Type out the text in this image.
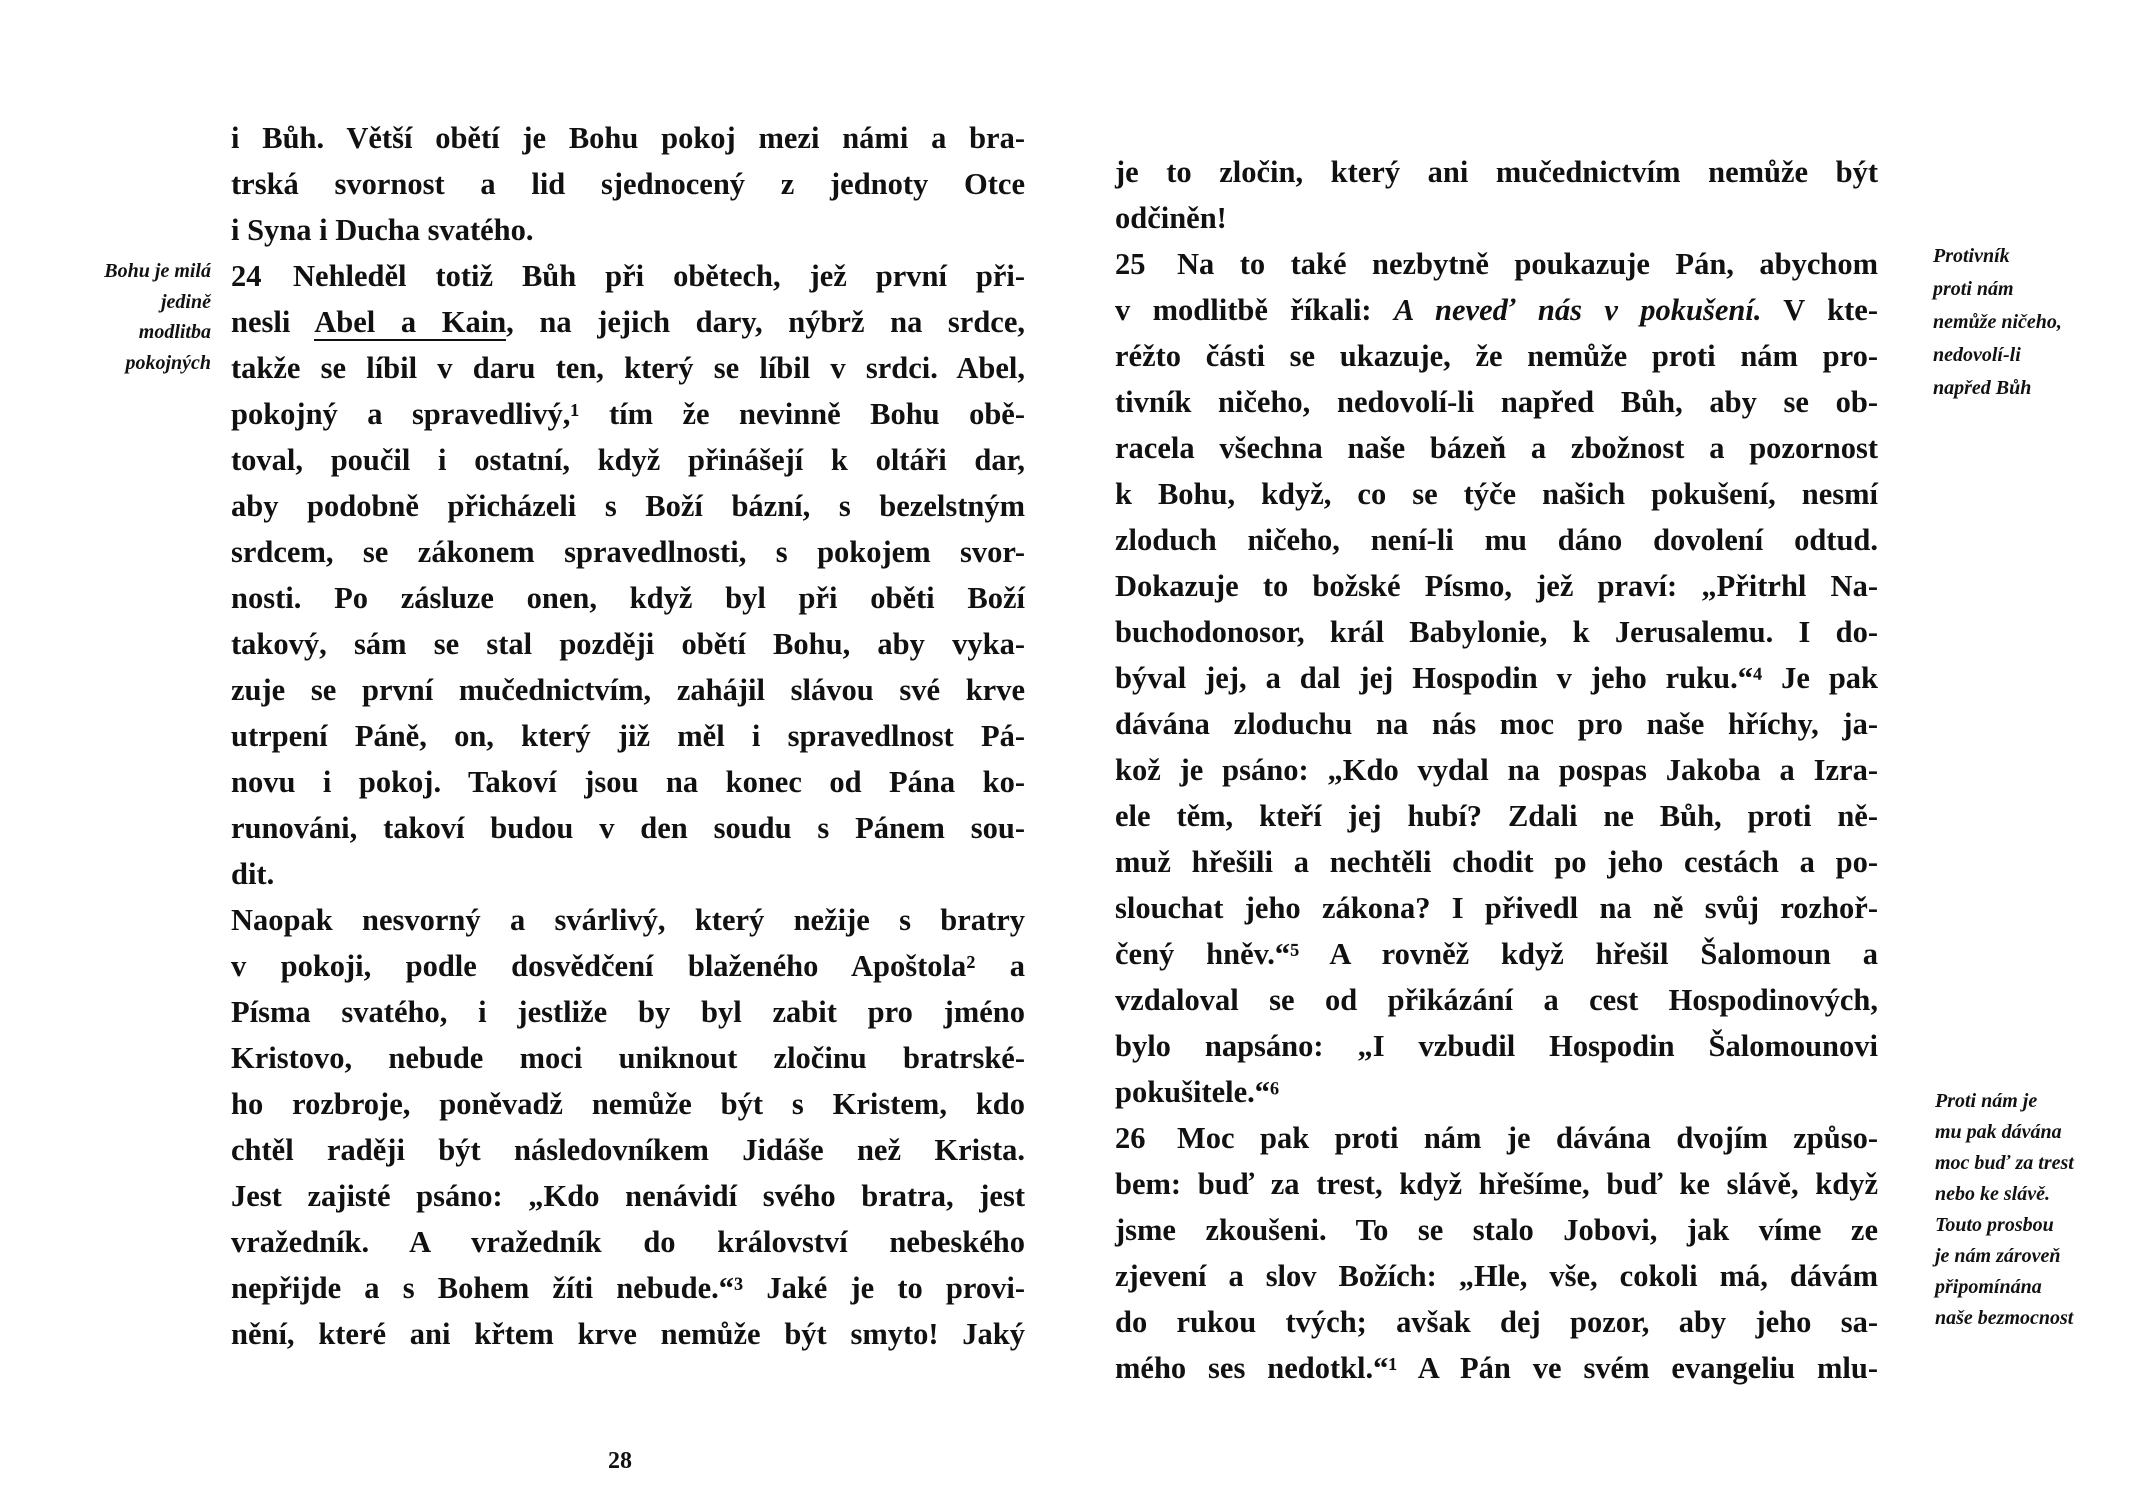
i Bůh. Větší obětí je Bohu pokoj mezi námi a bra-
trská svornost a lid sjednocený z jednoty Otce
i Syna i Ducha svatého.
24 Nehleděl totiž Bůh při obětech, jež první při-
nesli Abel a Kain, na jejich dary, nýbrž na srdce,
takže se líbil v daru ten, který se líbil v srdci. Abel,
pokojný a spravedlivý,¹ tím že nevinně Bohu obě-
toval, poučil i ostatní, když přinášejí k oltáři dar,
aby podobně přicházeli s Boží bázní, s bezelstným
srdcem, se zákonem spravedlnosti, s pokojem svor-
nosti. Po zásluze onen, když byl při oběti Boží
takový, sám se stal později obětí Bohu, aby vyka-
zuje se první mučednictvím, zahájil slávou své krve
utrpení Páně, on, který již měl i spravedlnost Pá-
novu i pokoj. Takoví jsou na konec od Pána ko-
runováni, takoví budou v den soudu s Pánem sou-
dit.
Naopak nesvorný a svárlivý, který nežije s bratry
v pokoji, podle dosvědčení blaženého Apoštola² a
Písma svatého, i jestliže by byl zabit pro jméno
Kristovo, nebude moci uniknout zločinu bratrské-
ho rozbroje, poněvadž nemůže být s Kristem, kdo
chtěl raději být následovníkem Jidáše než Krista.
Jest zajisté psáno: „Kdo nenávidí svého bratra, jest
vražedník. A vražedník do království nebeského
nepřijde a s Bohem žíti nebude.“³ Jaké je to provi-
nění, které ani křtem krve nemůže být smyto! Jaký
je to zločin, který ani mučednictvím nemůže být
odčiněn!
25 Na to také nezbytně poukazuje Pán, abychom
v modlitbě říkali: A neveď nás v pokušení. V kte-
réžto části se ukazuje, že nemůže proti nám pro-
tivník ničeho, nedovolí-li napřed Bůh, aby se ob-
racela všechna naše bázeň a zbožnost a pozornost
k Bohu, když, co se týče našich pokušení, nesmí
zloduch ničeho, není-li mu dáno dovolení odtud.
Dokazuje to božské Písmo, jež praví: „Přitrhl Na-
buchodonosor, král Babylonie, k Jerusalemu. I do-
býval jej, a dal jej Hospodin v jeho ruku.“⁴ Je pak
dávána zloduchu na nás moc pro naše hříchy, ja-
kož je psáno: „Kdo vydal na pospas Jakoba a Izra-
ele těm, kteří jej hubí? Zdali ne Bůh, proti ně-
muž hřešili a nechtěli chodit po jeho cestách a po-
slouchat jeho zákona? I přivedl na ně svůj rozhoř-
čený hněv.“⁵ A rovněž když hřešil Šalomoun a
vzdaloval se od přikázání a cest Hospodinových,
bylo napsáno: „I vzbudil Hospodin Šalomounovi
pokušitele.“⁶
26 Moc pak proti nám je dávána dvojím způso-
bem: buď za trest, když hřešíme, buď ke slávě, když
jsme zkoušeni. To se stalo Jobovi, jak víme ze
zjevení a slov Božích: „Hle, vše, cokoli má, dávám
do rukou tvých; avšak dej pozor, aby jeho sa-
mého ses nedotkl.“¹ A Pán ve svém evangeliu mlu-
Bohu je milá
jedině
modlitba
pokojných
Protivník
proti nám
nemůže ničeho,
nedovolí-li
napřed Bůh
Proti nám je
mu pak dávána
moc buď za trest
nebo ke slávě.
Touto prosbou
je nám zároveň
připomínána
naše bezmocnost
28
